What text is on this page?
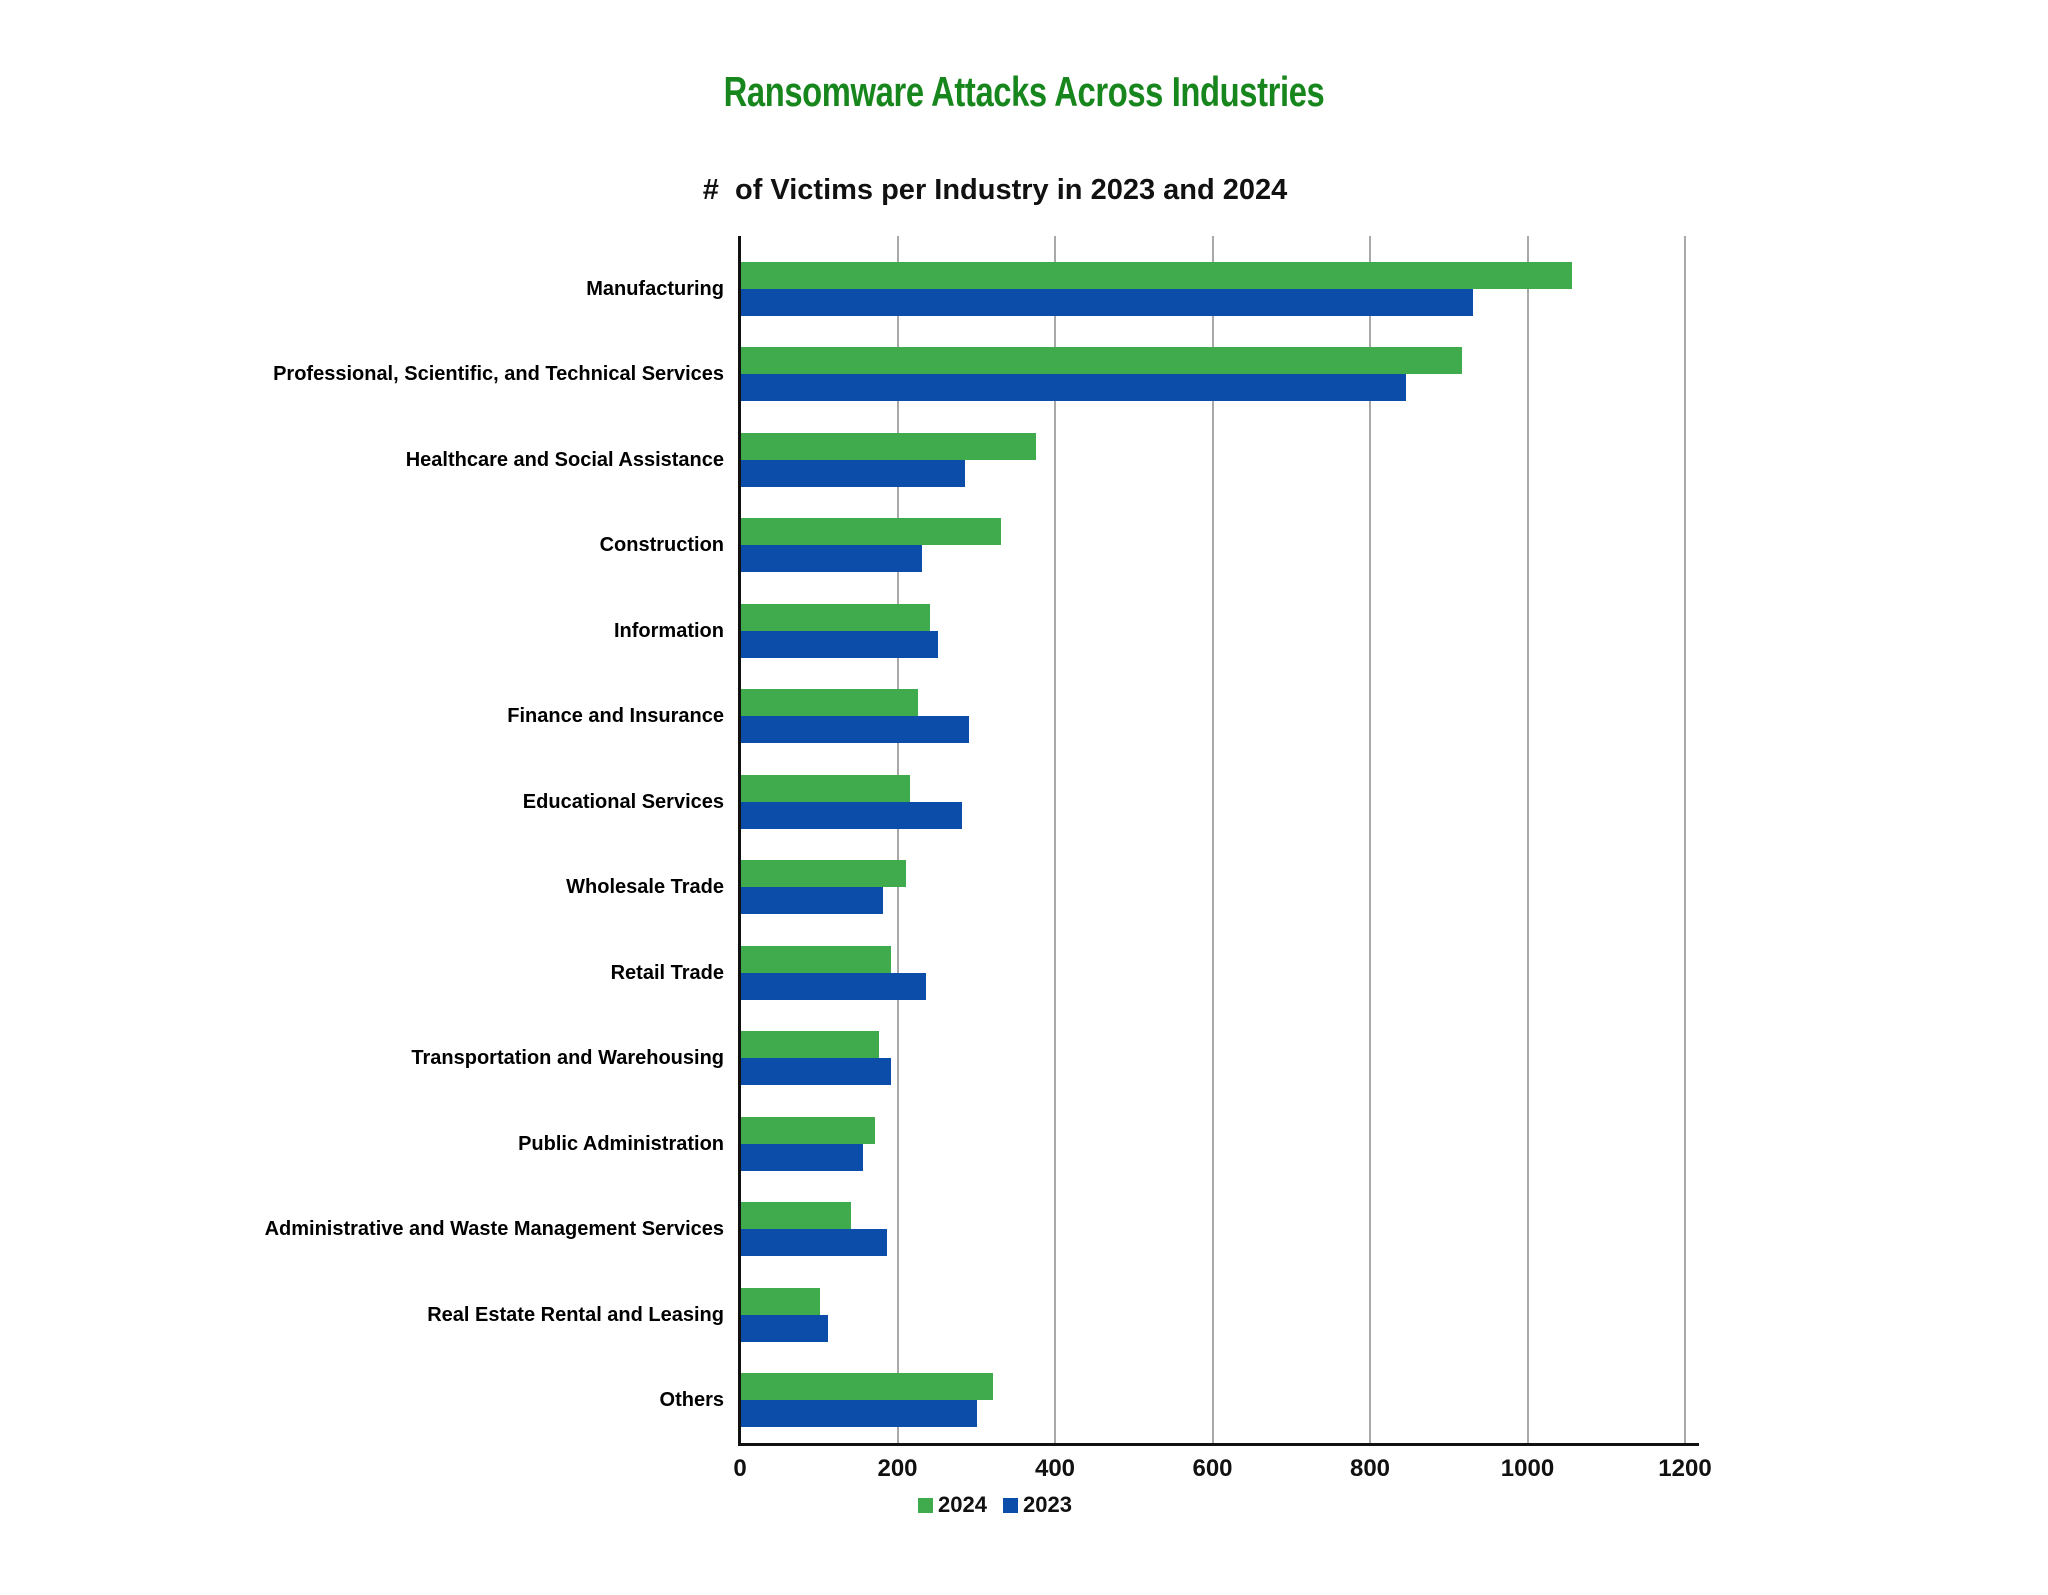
Ransomware Attacks Across Industries
#  of Victims per Industry in 2023 and 2024
0	200	400	600	800	1000	1200
Manufacturing
Professional, Scientific, and Technical Services
Healthcare and Social Assistance
Construction
Information
Finance and Insurance
Educational Services
Wholesale Trade
Retail Trade
Transportation and Warehousing
Public Administration
Administrative and Waste Management Services
Real Estate Rental and Leasing
Others
2024 2023
